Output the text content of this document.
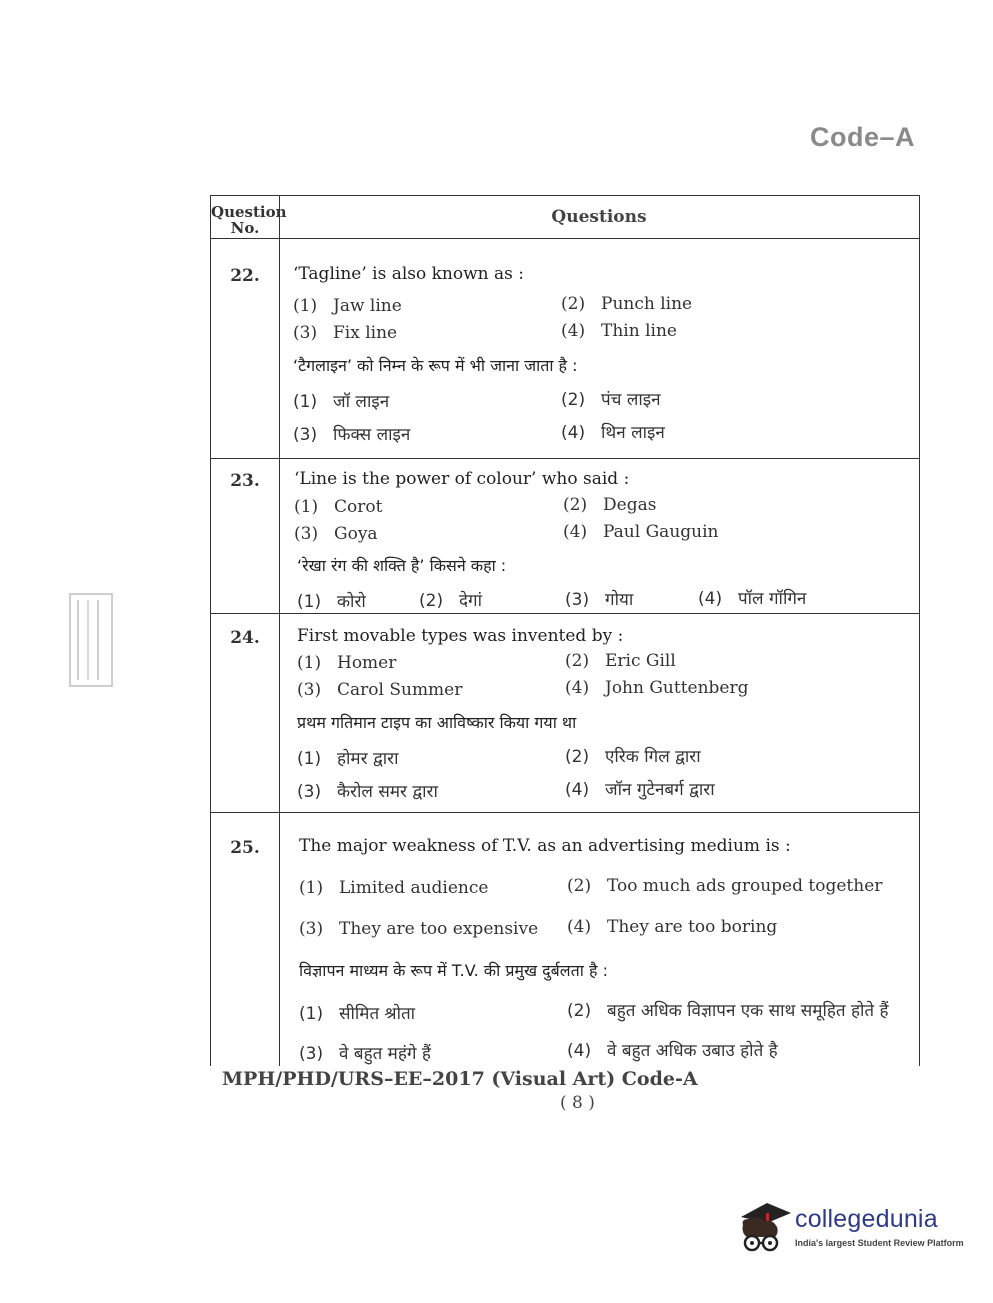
Code–A
Question
No.
Questions
22.	‘Tagline’ is also known as :
(1) Jaw line	(2) Punch line
(3) Fix line	(4) Thin line
‘टैगलाइन’ को निम्न के रूप में भी जाना जाता है :
(1) जॉ लाइन	(2) पंच लाइन
(3) फिक्स लाइन	(4) थिन लाइन
23.	‘Line is the power of colour’ who said :
(1) Corot	(2) Degas
(3) Goya	(4) Paul Gauguin
‘रेखा रंग की शक्ति है’ किसने कहा :
(1) कोरो	(2) देगां	(3) गोया	(4) पॉल गॉगिन
24.	First movable types was invented by :
(1) Homer	(2) Eric Gill
(3) Carol Summer	(4) John Guttenberg
प्रथम गतिमान टाइप का आविष्कार किया गया था
(1) होमर द्वारा	(2) एरिक गिल द्वारा
(3) कैरोल समर द्वारा	(4) जॉन गुटेनबर्ग द्वारा
25.	The major weakness of T.V. as an advertising medium is :
(1) Limited audience	(2) Too much ads grouped together
(3) They are too expensive (4) They are too boring
विज्ञापन माध्यम के रूप में T.V. की प्रमुख दुर्बलता है :
(1) सीमित श्रोता	(2) बहुत अधिक विज्ञापन एक साथ समूहित होते हैं
(3) वे बहुत महंगे हैं	(4) वे बहुत अधिक उबाउ होते है
MPH/PHD/URS–EE–2017 (Visual Art) Code-A
( 8 )
collegedunia
India's largest Student Review Platform
